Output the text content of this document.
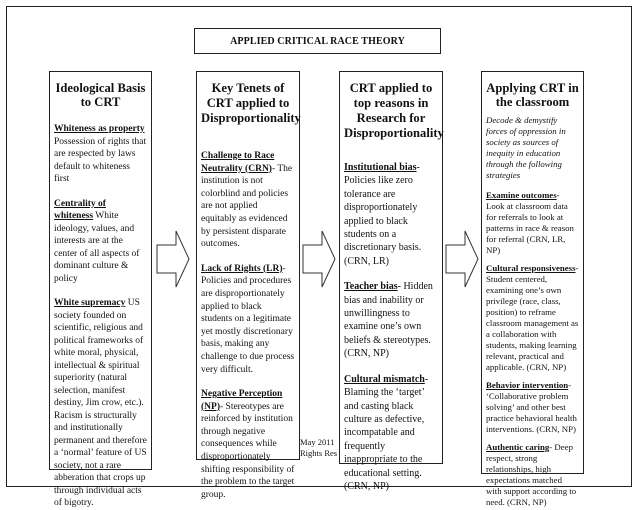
APPLIED CRITICAL RACE THEORY
Ideological Basis to CRT
Whiteness as property Possession of rights that are respected by laws default to whiteness first
Centrality of whiteness White ideology, values, and interests are at the center of all aspects of dominant culture & policy
White supremacy US society founded on scientific, religious and political frameworks of white moral, physical, intellectual & spiritual superiority (natural selection, manifest destiny, Jim crow, etc.). Racism is structurally and institutionally permanent and therefore a ‘normal’ feature of US society, not a rare abberation that crops up through individual acts of bigotry.
Key Tenets of CRT applied to Disproportionality
Challenge to Race Neutrality (CRN)- The institution is not colorblind and policies are not applied equitably as evidenced by persistent disparate outcomes.
Lack of Rights (LR)- Policies and procedures are disproportionately applied to black students on a legitimate yet mostly discretionary basis, making any challenge to due process very difficult.
Negative Perception (NP)- Stereotypes are reinforced by institution through negative consequences while disproportionately shifting responsibility of the problem to the target group.
CRT applied to top reasons in Research for Disproportionality
Institutional bias- Policies like zero tolerance are disproportionately applied to black students on a discretionary basis. (CRN, LR)
Teacher bias- Hidden bias and inability or unwillingness to examine one’s own beliefs & stereotypes. (CRN, NP)
Cultural mismatch- Blaming the ‘target’ and casting black culture as defective, incompatable and frequently inappropriate to the educational setting. (CRN, NP)
Applying CRT in the classroom
Decode & demystify forces of oppression in society as sources of inequity in education through the following strategies
Examine outcomes- Look at classroom data for referrals to look at patterns in race & reason for referral (CRN, LR, NP)
Cultural responsiveness- Student centered, examining one’s own privilege (race, class, position) to reframe classroom management as a collaboration with students, making learning relevant, practical and applicable. (CRN, NP)
Behavior intervention- ‘Collaborative problem solving’ and other best practice behavioral health interventions. (CRN, NP)
Authentic caring- Deep respect, strong relationships, high expectations matched with support according to need. (CRN, NP)
May 2011
Rights Res
